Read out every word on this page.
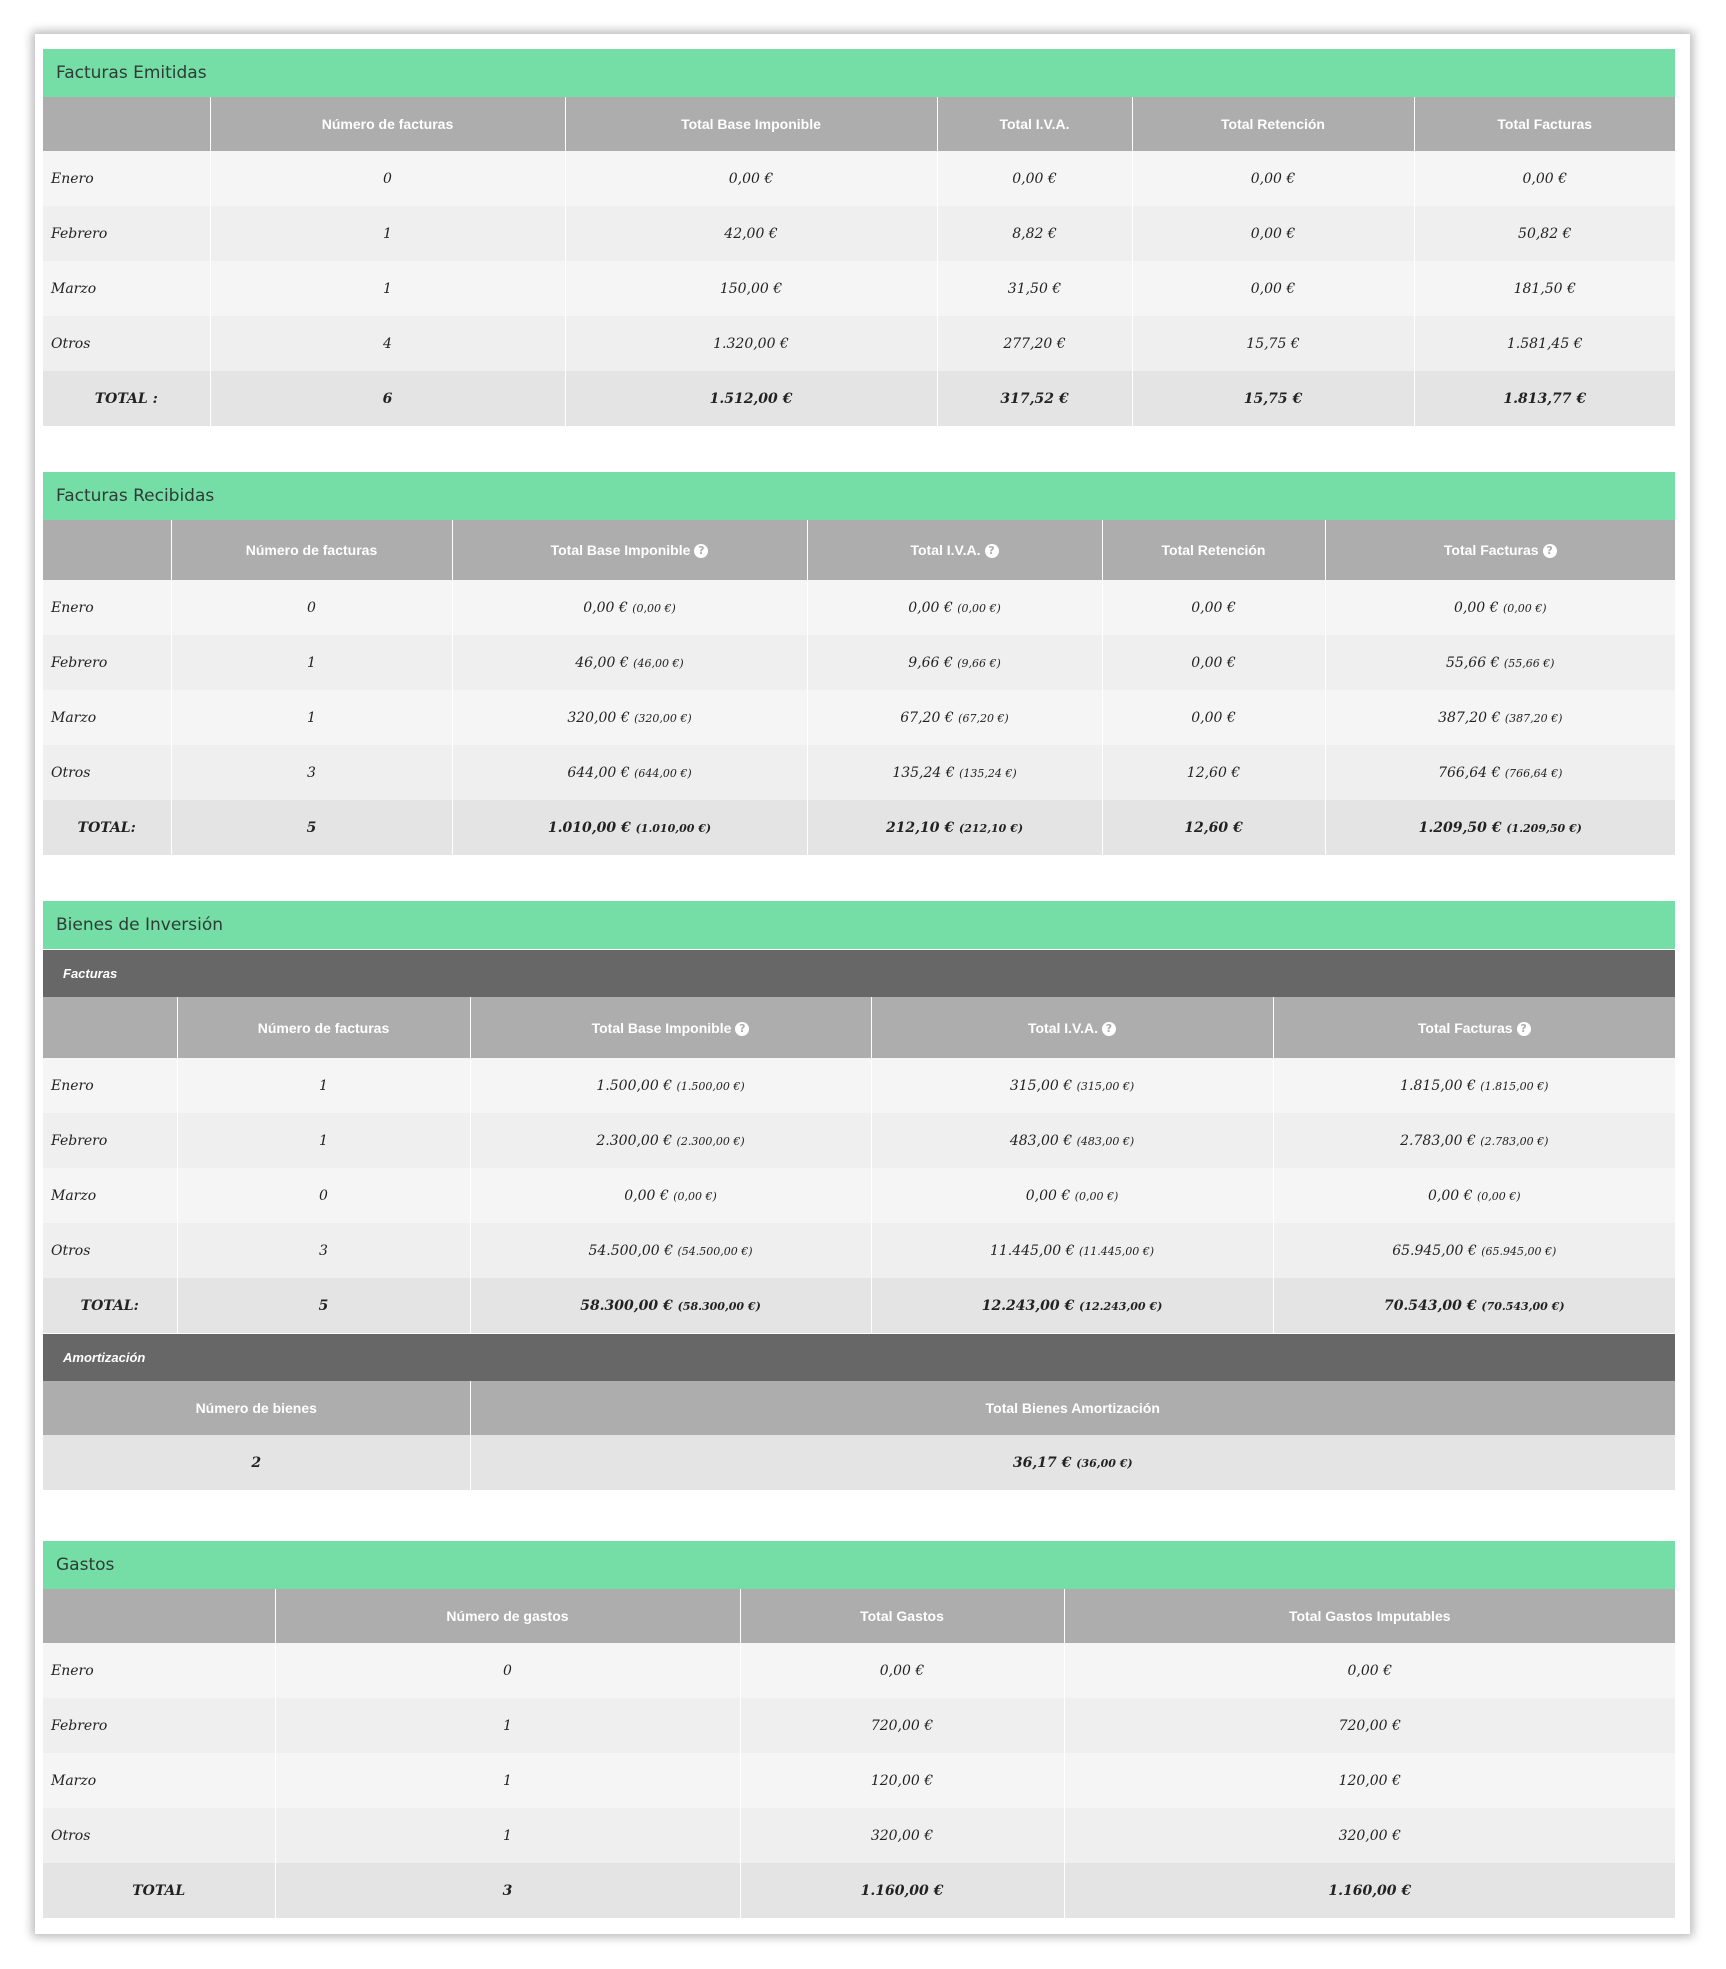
Facturas Emitidas
	Número de facturas	Total Base Imponible	Total I.V.A.	Total Retención	Total Facturas
Enero	0	0,00 €	0,00 €	0,00 €	0,00 €
Febrero	1	42,00 €	8,82 €	0,00 €	50,82 €
Marzo	1	150,00 €	31,50 €	0,00 €	181,50 €
Otros	4	1.320,00 €	277,20 €	15,75 €	1.581,45 €
TOTAL :	6	1.512,00 €	317,52 €	15,75 €	1.813,77 €
Facturas Recibidas
	Número de facturas	Total Base Imponible ?	Total I.V.A. ?	Total Retención	Total Facturas ?
Enero	0	0,00 € (0,00 €)	0,00 € (0,00 €)	0,00 €	0,00 € (0,00 €)
Febrero	1	46,00 € (46,00 €)	9,66 € (9,66 €)	0,00 €	55,66 € (55,66 €)
Marzo	1	320,00 € (320,00 €)	67,20 € (67,20 €)	0,00 €	387,20 € (387,20 €)
Otros	3	644,00 € (644,00 €)	135,24 € (135,24 €)	12,60 €	766,64 € (766,64 €)
TOTAL:	5	1.010,00 € (1.010,00 €)	212,10 € (212,10 €)	12,60 €	1.209,50 € (1.209,50 €)
Bienes de Inversión
Facturas
	Número de facturas	Total Base Imponible ?	Total I.V.A. ?	Total Facturas ?
Enero	1	1.500,00 € (1.500,00 €)	315,00 € (315,00 €)	1.815,00 € (1.815,00 €)
Febrero	1	2.300,00 € (2.300,00 €)	483,00 € (483,00 €)	2.783,00 € (2.783,00 €)
Marzo	0	0,00 € (0,00 €)	0,00 € (0,00 €)	0,00 € (0,00 €)
Otros	3	54.500,00 € (54.500,00 €)	11.445,00 € (11.445,00 €)	65.945,00 € (65.945,00 €)
TOTAL:	5	58.300,00 € (58.300,00 €)	12.243,00 € (12.243,00 €)	70.543,00 € (70.543,00 €)
Amortización
Número de bienes	Total Bienes Amortización
2	36,17 € (36,00 €)
Gastos
	Número de gastos	Total Gastos	Total Gastos Imputables
Enero	0	0,00 €	0,00 €
Febrero	1	720,00 €	720,00 €
Marzo	1	120,00 €	120,00 €
Otros	1	320,00 €	320,00 €
TOTAL	3	1.160,00 €	1.160,00 €
